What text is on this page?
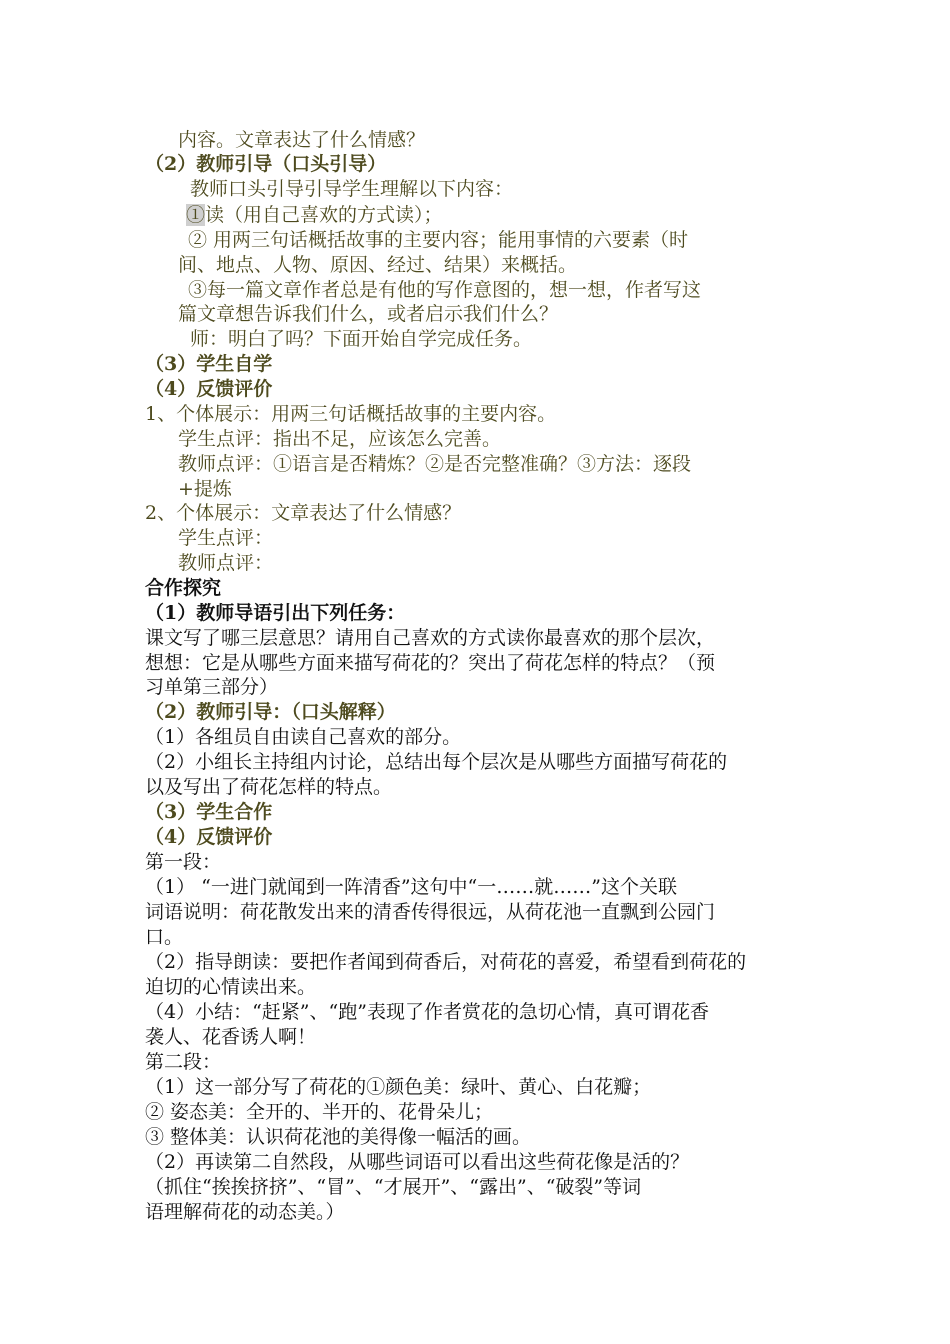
内容。文章表达了什么情感？
（2）教师引导（口头引导）
教师口头引导引导学生理解以下内容：
①读（用自己喜欢的方式读）；
② 用两三句话概括故事的主要内容；能用事情的六要素（时
间、地点、人物、原因、经过、结果）来概括。
③每一篇文章作者总是有他的写作意图的，想一想，作者写这
篇文章想告诉我们什么，或者启示我们什么？
师：明白了吗？下面开始自学完成任务。
（3）学生自学
（4）反馈评价
1、个体展示：用两三句话概括故事的主要内容。
学生点评：指出不足，应该怎么完善。
教师点评：①语言是否精炼？②是否完整准确？③方法：逐段
+提炼
2、个体展示：文章表达了什么情感？
学生点评：
教师点评：
合作探究
（1）教师导语引出下列任务：
课文写了哪三层意思？请用自己喜欢的方式读你最喜欢的那个层次，
想想：它是从哪些方面来描写荷花的？突出了荷花怎样的特点？（预
习单第三部分）
（2）教师引导：（口头解释）
（1）各组员自由读自己喜欢的部分。
（2）小组长主持组内讨论，总结出每个层次是从哪些方面描写荷花的
以及写出了荷花怎样的特点。
（3）学生合作
（4）反馈评价
第一段：
（1） “一进门就闻到一阵清香”这句中“一……就……”这个关联
词语说明：荷花散发出来的清香传得很远，从荷花池一直飘到公园门
口。
（2）指导朗读：要把作者闻到荷香后，对荷花的喜爱，希望看到荷花的
迫切的心情读出来。
（4）小结：“赶紧”、“跑”表现了作者赏花的急切心情，真可谓花香
袭人、花香诱人啊！
第二段：
（1）这一部分写了荷花的①颜色美：绿叶、黄心、白花瓣；
② 姿态美：全开的、半开的、花骨朵儿；
③ 整体美：认识荷花池的美得像一幅活的画。
（2）再读第二自然段，从哪些词语可以看出这些荷花像是活的？
（抓住“挨挨挤挤”、“冒”、“才展开”、“露出”、“破裂”等词
语理解荷花的动态美。）
